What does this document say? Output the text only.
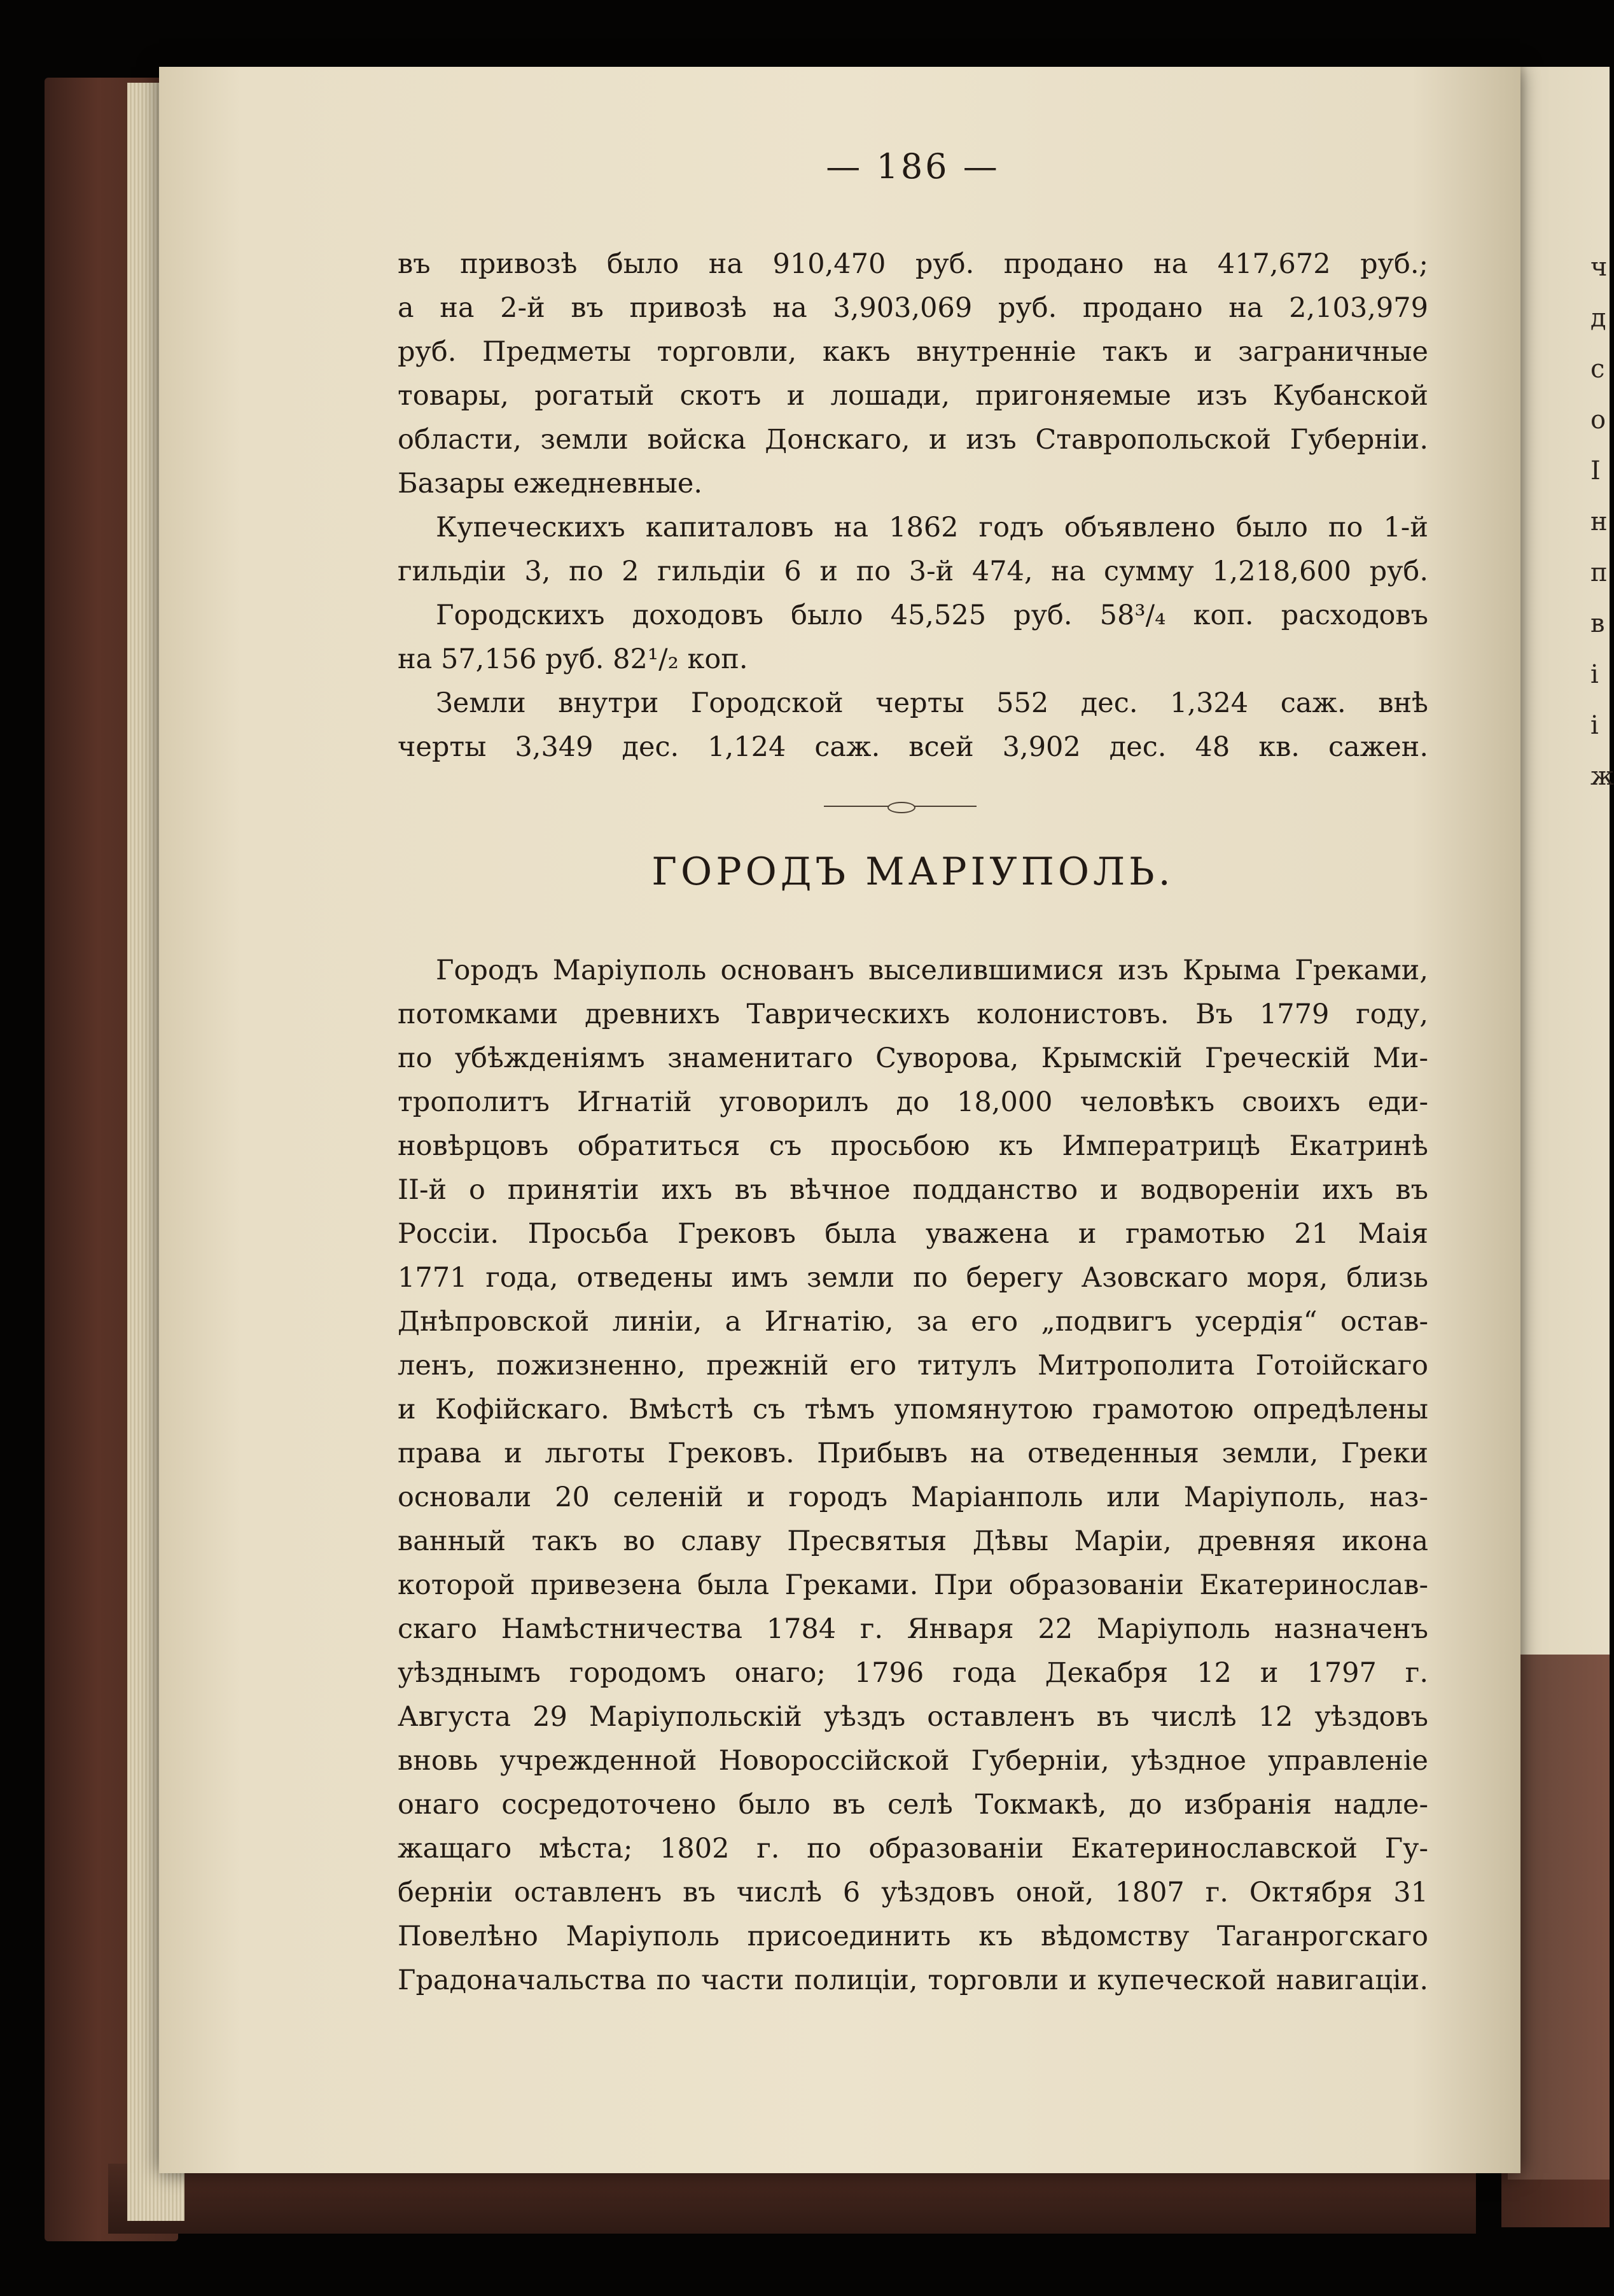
ч
д
с
о
І
н
п
в
і
і
ж
— 186 —
въ привозѣ было на 910,470 руб. продано на 417,672 руб.;
а на 2-й въ привозѣ на 3,903,069 руб. продано на 2,103,979
руб. Предметы торговли, какъ внутренніе такъ и заграничные
товары, рогатый скотъ и лошади, пригоняемые изъ Кубанской
области, земли войска Донскаго, и изъ Ставропольской Губерніи.
Базары ежедневные.
Купеческихъ капиталовъ на 1862 годъ объявлено было по 1-й
гильдіи 3, по 2 гильдіи 6 и по 3-й 474, на сумму 1,218,600 руб.
Городскихъ доходовъ было 45,525 руб. 58³/₄ коп. расходовъ
на 57,156 руб. 82¹/₂ коп.
Земли внутри Городской черты 552 дес. 1,324 саж. внѣ
черты 3,349 дес. 1,124 саж. всей 3,902 дес. 48 кв. сажен.
ГОРОДЪ МАРІУПОЛЬ.
Городъ Маріуполь основанъ выселившимися изъ Крыма Греками,
потомками древнихъ Таврическихъ колонистовъ. Въ 1779 году,
по убѣжденіямъ знаменитаго Суворова, Крымскій Греческій Ми-
трополитъ Игнатій уговорилъ до 18,000 человѣкъ своихъ еди-
новѣрцовъ обратиться съ просьбою къ Императрицѣ Екатринѣ
II-й о принятіи ихъ въ вѣчное подданство и водвореніи ихъ въ
Россіи. Просьба Грековъ была уважена и грамотью 21 Маія
1771 года, отведены имъ земли по берегу Азовскаго моря, близь
Днѣпровской линіи, а Игнатію, за его „подвигъ усердія“ остав-
ленъ, пожизненно, прежній его титулъ Митрополита Готоійскаго
и Кофійскаго. Вмѣстѣ съ тѣмъ упомянутою грамотою опредѣлены
права и льготы Грековъ. Прибывъ на отведенныя земли, Греки
основали 20 селеній и городъ Маріанполь или Маріуполь, наз-
ванный такъ во славу Пресвятыя Дѣвы Маріи, древняя икона
которой привезена была Греками. При образованіи Екатеринослав-
скаго Намѣстничества 1784 г. Января 22 Маріуполь назначенъ
уѣзднымъ городомъ онаго; 1796 года Декабря 12 и 1797 г.
Августа 29 Маріупольскій уѣздъ оставленъ въ числѣ 12 уѣздовъ
вновь учрежденной Новороссійской Губерніи, уѣздное управленіе
онаго сосредоточено было въ селѣ Токмакѣ, до избранія надле-
жащаго мѣста; 1802 г. по образованіи Екатеринославской Гу-
берніи оставленъ въ числѣ 6 уѣздовъ оной, 1807 г. Октября 31
Повелѣно Маріуполь присоединить къ вѣдомству Таганрогскаго
Градоначальства по части полиціи, торговли и купеческой навигаціи.
